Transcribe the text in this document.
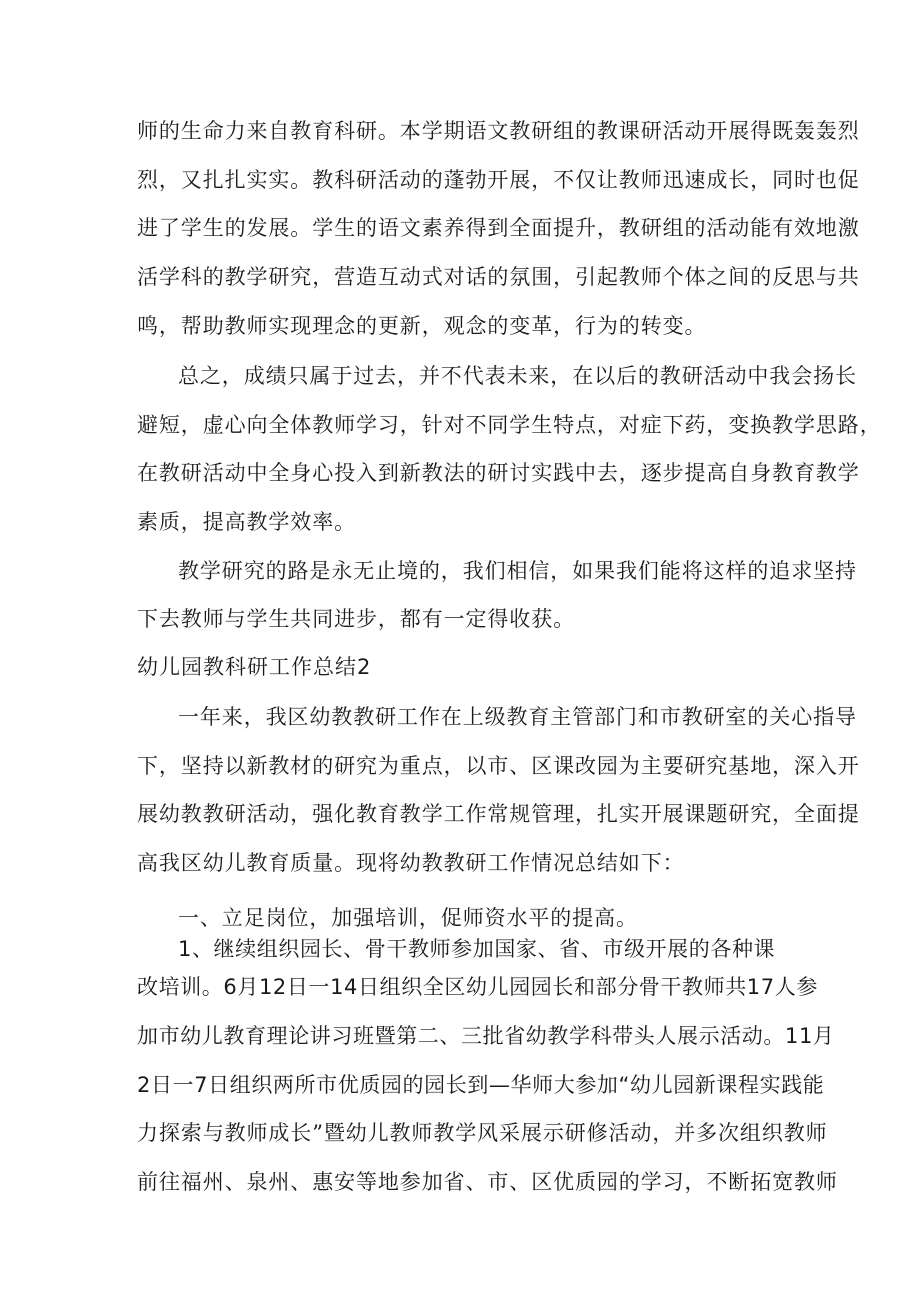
师的生命力来自教育科研。本学期语文教研组的教课研活动开展得既轰轰烈
烈，又扎扎实实。教科研活动的蓬勃开展，不仅让教师迅速成长，同时也促
进了学生的发展。学生的语文素养得到全面提升，教研组的活动能有效地激
活学科的教学研究，营造互动式对话的氛围，引起教师个体之间的反思与共
鸣，帮助教师实现理念的更新，观念的变革，行为的转变。
总之，成绩只属于过去，并不代表未来，在以后的教研活动中我会扬长
避短，虚心向全体教师学习，针对不同学生特点，对症下药，变换教学思路，
在教研活动中全身心投入到新教法的研讨实践中去，逐步提高自身教育教学
素质，提高教学效率。
教学研究的路是永无止境的，我们相信，如果我们能将这样的追求坚持
下去教师与学生共同进步，都有一定得收获。
幼儿园教科研工作总结2
一年来，我区幼教教研工作在上级教育主管部门和市教研室的关心指导
下，坚持以新教材的研究为重点，以市、区课改园为主要研究基地，深入开
展幼教教研活动，强化教育教学工作常规管理，扎实开展课题研究，全面提
高我区幼儿教育质量。现将幼教教研工作情况总结如下：
一、立足岗位，加强培训，促师资水平的提高。
1、继续组织园长、骨干教师参加国家、省、市级开展的各种课
改培训。6月12日一14日组织全区幼儿园园长和部分骨干教师共17人参
加市幼儿教育理论讲习班暨第二、三批省幼教学科带头人展示活动。11月
2日一7日组织两所市优质园的园长到—华师大参加“幼儿园新课程实践能
力探索与教师成长”暨幼儿教师教学风采展示研修活动，并多次组织教师
前往福州、泉州、惠安等地参加省、市、区优质园的学习，不断拓宽教师
